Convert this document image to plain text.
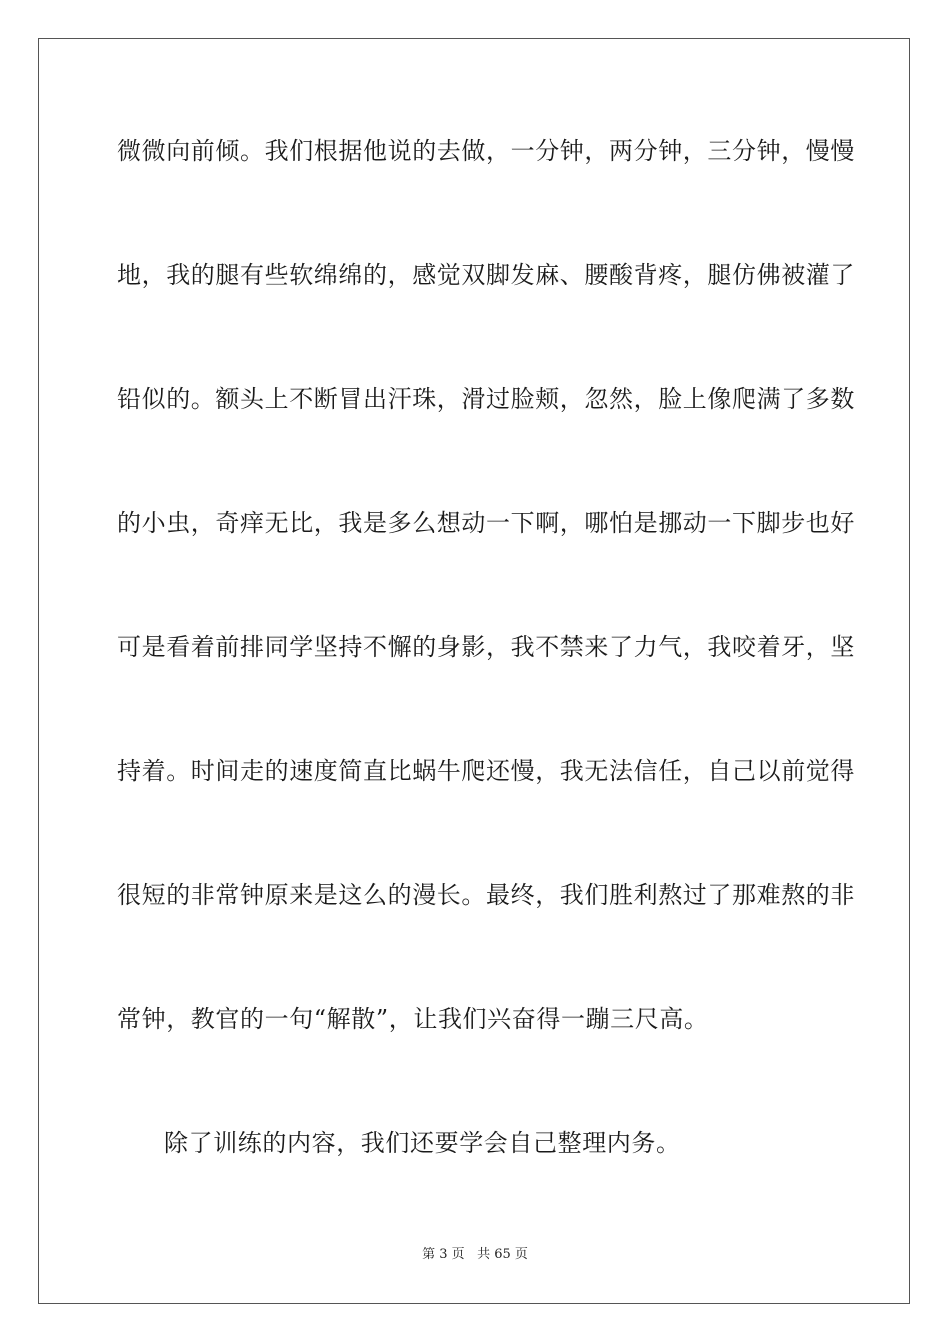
微微向前倾。我们根据他说的去做，一分钟，两分钟，三分钟，慢慢
地，我的腿有些软绵绵的，感觉双脚发麻、腰酸背疼，腿仿佛被灌了
铅似的。额头上不断冒出汗珠，滑过脸颊，忽然，脸上像爬满了多数
的小虫，奇痒无比，我是多么想动一下啊，哪怕是挪动一下脚步也好
可是看着前排同学坚持不懈的身影，我不禁来了力气，我咬着牙，坚
持着。时间走的速度简直比蜗牛爬还慢，我无法信任，自己以前觉得
很短的非常钟原来是这么的漫长。最终，我们胜利熬过了那难熬的非
常钟，教官的一句“解散”，让我们兴奋得一蹦三尺高。
除了训练的内容，我们还要学会自己整理内务。
第 3 页 共 65 页
